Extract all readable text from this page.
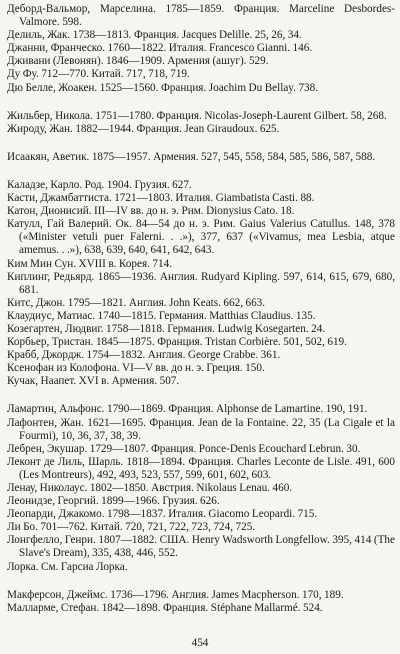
Деборд-Вальмор, Марселина. 1785—1859. Франция. Marceline Desbordes-Valmore. 598.
Делиль, Жак. 1738—1813. Франция. Jacques Delille. 25, 26, 34.
Джанни, Франческо. 1760—1822. Италия. Francesco Gianni. 146.
Дживани (Левонян). 1846—1909. Армения (ашуг). 529.
Ду Фу. 712—770. Китай. 717, 718, 719.
Дю Белле, Жоакен. 1525—1560. Франция. Joachim Du Bellay. 738.
Жильбер, Никола. 1751—1780. Франция. Nicolas-Joseph-Laurent Gilbert. 58, 268.
Жироду, Жан. 1882—1944. Франция. Jean Giraudoux. 625.
Исаакян, Аветик. 1875—1957. Армения. 527, 545, 558, 584, 585, 586, 587, 588.
Каладзе, Карло. Род. 1904. Грузия. 627.
Касти, Джамбаттиста. 1721—1803. Италия. Giambatista Casti. 88.
Катон, Дионисий. III—IV вв. до н. э. Рим. Dionysius Cato. 18.
Катулл, Гай Валерий. Ок. 84—54 до н. э. Рим. Gaius Valerius Catullus. 148, 378 («Minister vetuli puer Falerni. . .»), 377, 637 («Vivamus, mea Lesbia, atque amemus. . .»), 638, 639, 640, 641, 642, 643.
Ким Мин Сун. XVIII в. Корея. 714.
Киплинг, Редьярд. 1865—1936. Англия. Rudyard Kipling. 597, 614, 615, 679, 680, 681.
Китс, Джон. 1795—1821. Англия. John Keats. 662, 663.
Клаудиус, Матиас. 1740—1815. Германия. Matthias Claudius. 135.
Козегартен, Людвиг. 1758—1818. Германия. Ludwig Kosegarten. 24.
Корбьер, Тристан. 1845—1875. Франция. Tristan Corbière. 501, 502, 619.
Крабб, Джордж. 1754—1832. Англия. George Crabbe. 361.
Ксенофан из Колофона. VI—V вв. до н. э. Греция. 150.
Кучак, Наапет. XVI в. Армения. 507.
Ламартин, Альфонс. 1790—1869. Франция. Alphonse de Lamartine. 190, 191.
Лафонтен, Жан. 1621—1695. Франция. Jean de la Fontaine. 22, 35 (La Cigale et la Fourmi), 10, 36, 37, 38, 39.
Лебрен, Экушар. 1729—1807. Франция. Ponce-Denis Ecouchard Lebrun. 30.
Леконт де Лиль, Шарль. 1818—1894. Франция. Charles Leconte de Lisle. 491, 600 (Les Montreurs), 492, 493, 523, 557, 599, 601, 602, 603.
Ленау, Николаус. 1802—1850. Австрия. Nikolaus Lenau. 460.
Леонидзе, Георгий. 1899—1966. Грузия. 626.
Леопарди, Джакомо. 1798—1837. Италия. Giacomo Leopardi. 715.
Ли Бо. 701—762. Китай. 720, 721, 722, 723, 724, 725.
Лонгфелло, Генри. 1807—1882. США. Henry Wadsworth Longfellow. 395, 414 (The Slave's Dream), 335, 438, 446, 552.
Лорка. См. Гарсиа Лорка.
Макферсон, Джеймс. 1736—1796. Англия. James Macpherson. 170, 189.
Малларме, Стефан. 1842—1898. Франция. Stéphane Mallarmé. 524.
454
